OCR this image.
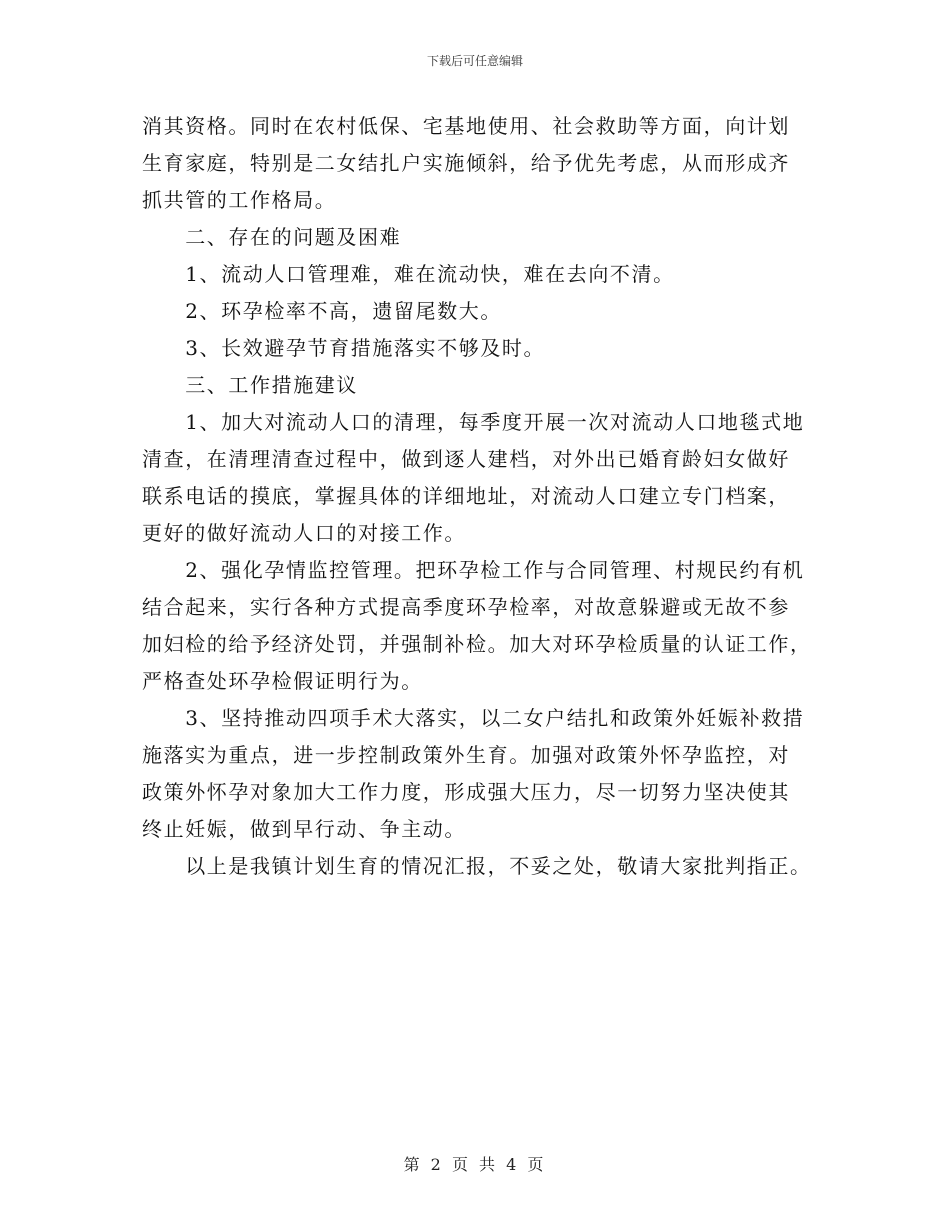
下载后可任意编辑

消其资格。同时在农村低保、宅基地使用、社会救助等方面，向计划

生育家庭，特别是二女结扎户实施倾斜，给予优先考虑，从而形成齐

抓共管的工作格局。

　　二、存在的问题及困难

　　1、流动人口管理难，难在流动快，难在去向不清。

　　2、环孕检率不高，遗留尾数大。

　　3、长效避孕节育措施落实不够及时。

　　三、工作措施建议

　　1、加大对流动人口的清理，每季度开展一次对流动人口地毯式地

清查，在清理清查过程中，做到逐人建档，对外出已婚育龄妇女做好

联系电话的摸底，掌握具体的详细地址，对流动人口建立专门档案，

更好的做好流动人口的对接工作。

　　2、强化孕情监控管理。把环孕检工作与合同管理、村规民约有机

结合起来，实行各种方式提高季度环孕检率，对故意躲避或无故不参

加妇检的给予经济处罚，并强制补检。加大对环孕检质量的认证工作，

严格查处环孕检假证明行为。

　　3、坚持推动四项手术大落实，以二女户结扎和政策外妊娠补救措

施落实为重点，进一步控制政策外生育。加强对政策外怀孕监控，对

政策外怀孕对象加大工作力度，形成强大压力，尽一切努力坚决使其

终止妊娠，做到早行动、争主动。

　　以上是我镇计划生育的情况汇报，不妥之处，敬请大家批判指正。

第 2 页 共 4 页
